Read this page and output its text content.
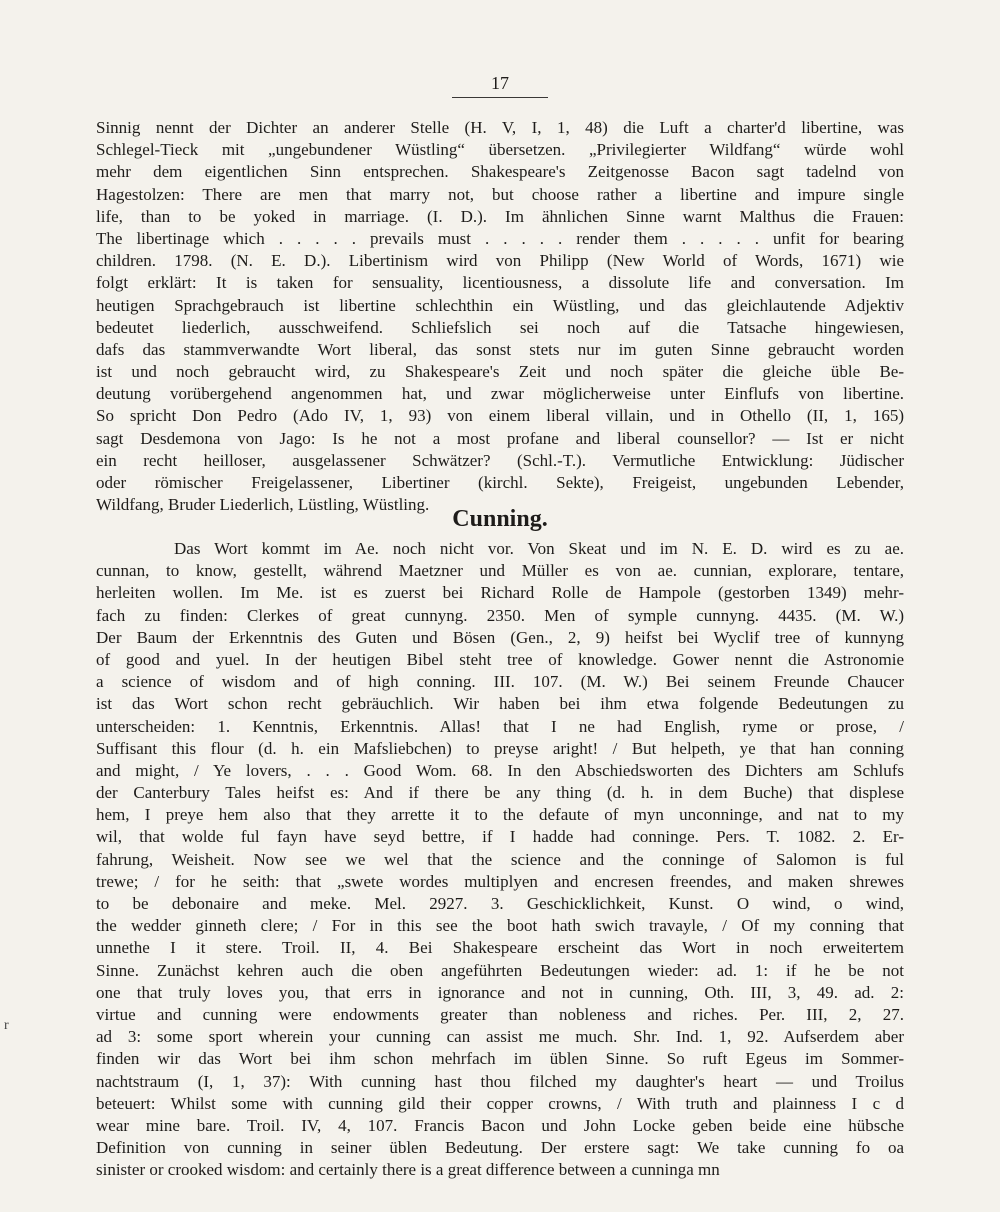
17
Sinnig nennt der Dichter an anderer Stelle (H. V, I, 1, 48) die Luft a charter'd libertine, was
Schlegel-Tieck mit „ungebundener Wüstling“ übersetzen. „Privilegierter Wildfang“ würde wohl
mehr dem eigentlichen Sinn entsprechen. Shakespeare's Zeitgenosse Bacon sagt tadelnd von
Hagestolzen: There are men that marry not, but choose rather a libertine and impure single
life, than to be yoked in marriage. (I. D.). Im ähnlichen Sinne warnt Malthus die Frauen:
The libertinage which . . . . . prevails must . . . . . render them . . . . . unfit for bearing
children. 1798. (N. E. D.). Libertinism wird von Philipp (New World of Words, 1671) wie
folgt erklärt: It is taken for sensuality, licentiousness, a dissolute life and conversation. Im
heutigen Sprachgebrauch ist libertine schlechthin ein Wüstling, und das gleichlautende Adjektiv
bedeutet liederlich, ausschweifend. Schliefslich sei noch auf die Tatsache hingewiesen,
dafs das stammverwandte Wort liberal, das sonst stets nur im guten Sinne gebraucht worden
ist und noch gebraucht wird, zu Shakespeare's Zeit und noch später die gleiche üble Be-
deutung vorübergehend angenommen hat, und zwar möglicherweise unter Einflufs von libertine.
So spricht Don Pedro (Ado IV, 1, 93) von einem liberal villain, und in Othello (II, 1, 165)
sagt Desdemona von Jago: Is he not a most profane and liberal counsellor? — Ist er nicht
ein recht heilloser, ausgelassener Schwätzer? (Schl.-T.). Vermutliche Entwicklung: Jüdischer
oder römischer Freigelassener, Libertiner (kirchl. Sekte), Freigeist, ungebunden Lebender,
Wildfang, Bruder Liederlich, Lüstling, Wüstling.
Cunning.
Das Wort kommt im Ae. noch nicht vor. Von Skeat und im N. E. D. wird es zu ae.
cunnan, to know, gestellt, während Maetzner und Müller es von ae. cunnian, explorare, tentare,
herleiten wollen. Im Me. ist es zuerst bei Richard Rolle de Hampole (gestorben 1349) mehr-
fach zu finden: Clerkes of great cunnyng. 2350. Men of symple cunnyng. 4435. (M. W.)
Der Baum der Erkenntnis des Guten und Bösen (Gen., 2, 9) heifst bei Wyclif tree of kunnyng
of good and yuel. In der heutigen Bibel steht tree of knowledge. Gower nennt die Astronomie
a science of wisdom and of high conning. III. 107. (M. W.) Bei seinem Freunde Chaucer
ist das Wort schon recht gebräuchlich. Wir haben bei ihm etwa folgende Bedeutungen zu
unterscheiden: 1. Kenntnis, Erkenntnis. Allas! that I ne had English, ryme or prose, /
Suffisant this flour (d. h. ein Mafsliebchen) to preyse aright! / But helpeth, ye that han conning
and might, / Ye lovers, . . . Good Wom. 68. In den Abschiedsworten des Dichters am Schlufs
der Canterbury Tales heifst es: And if there be any thing (d. h. in dem Buche) that displese
hem, I preye hem also that they arrette it to the defaute of myn unconninge, and nat to my
wil, that wolde ful fayn have seyd bettre, if I hadde had conninge. Pers. T. 1082. 2. Er-
fahrung, Weisheit. Now see we wel that the science and the conninge of Salomon is ful
trewe; / for he seith: that „swete wordes multiplyen and encresen freendes, and maken shrewes
to be debonaire and meke. Mel. 2927. 3. Geschicklichkeit, Kunst. O wind, o wind,
the wedder ginneth clere; / For in this see the boot hath swich travayle, / Of my conning that
unnethe I it stere. Troil. II, 4. Bei Shakespeare erscheint das Wort in noch erweitertem
Sinne. Zunächst kehren auch die oben angeführten Bedeutungen wieder: ad. 1: if he be not
one that truly loves you, that errs in ignorance and not in cunning, Oth. III, 3, 49. ad. 2:
virtue and cunning were endowments greater than nobleness and riches. Per. III, 2, 27.
ad 3: some sport wherein your cunning can assist me much. Shr. Ind. 1, 92. Aufserdem aber
finden wir das Wort bei ihm schon mehrfach im üblen Sinne. So ruft Egeus im Sommer-
nachtstraum (I, 1, 37): With cunning hast thou filched my daughter's heart — und Troilus
beteuert: Whilst some with cunning gild their copper crowns, / With truth and plainness I c d
wear mine bare. Troil. IV, 4, 107. Francis Bacon und John Locke geben beide eine hübsche
Definition von cunning in seiner üblen Bedeutung. Der erstere sagt: We take cunning fo oa
sinister or crooked wisdom: and certainly there is a great difference between a cunninga mn
r
